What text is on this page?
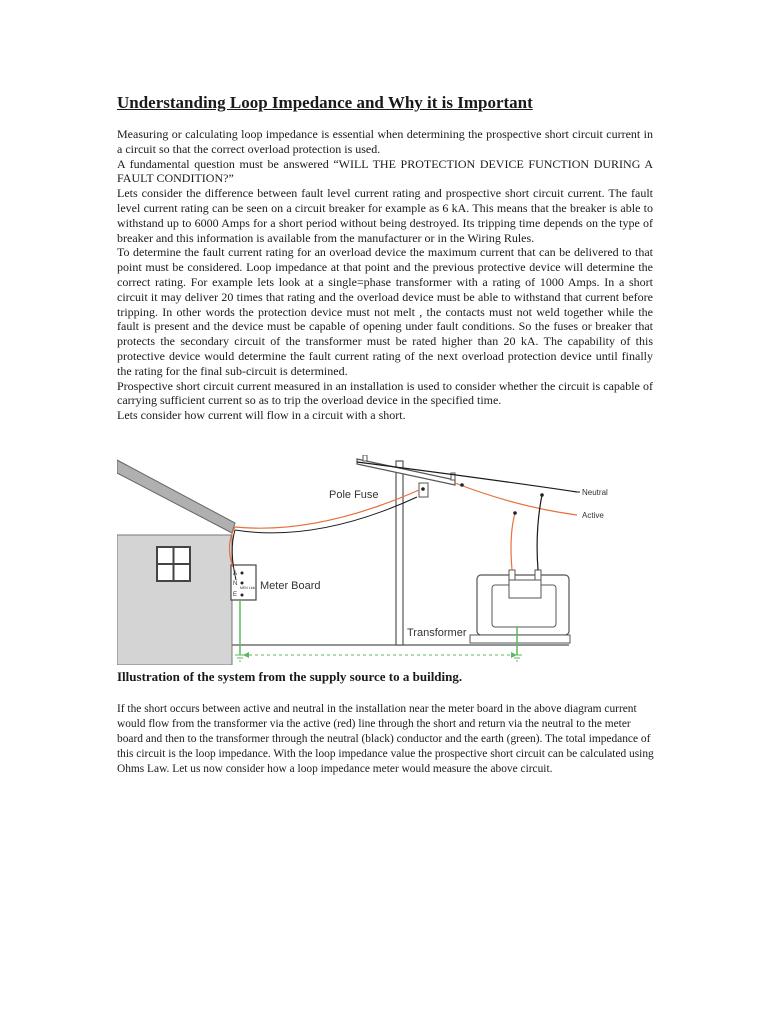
Understanding Loop Impedance and Why it is Important

Measuring or calculating loop impedance is essential when determining the prospective short circuit current in a circuit so that the correct overload protection is used.

A fundamental question must be answered “WILL THE PROTECTION DEVICE FUNCTION DURING A FAULT CONDITION?”

Lets consider the difference between fault level current rating and prospective short circuit current. The fault level current rating can be seen on a circuit breaker for example as 6 kA. This means that the breaker is able to withstand up to 6000 Amps for a short period without being destroyed. Its tripping time depends on the type of breaker and this information is available from the manufacturer or in the Wiring Rules.

To determine the fault current rating for an overload device the maximum current that can be delivered to that point must be considered. Loop impedance at that point and the previous protective device will determine the correct rating. For example lets look at a single=phase transformer with a rating of 1000 Amps. In a short circuit it may deliver 20 times that rating and the overload device must be able to withstand that current before tripping. In other words the protection device must not melt , the contacts must not weld together while the fault is present and the device must be capable of opening under fault conditions. So the fuses or breaker that protects the secondary circuit of the transformer must be rated higher than 20 kA. The capability of this protective device would determine the fault current rating of the next overload protection device until finally the rating for the final sub-circuit is determined.

Prospective short circuit current measured in an installation is used to consider whether the circuit is capable of carrying sufficient current so as to trip the overload device in the specified time.

Lets consider how current will flow in a circuit with a short.

A
N
E
MEN Link Meter Board
Pole Fuse	Neutral
Active
Transformer

Illustration of the system from the supply source to a building.

If the short occurs between active and neutral in the installation near the meter board in the above diagram current would flow from the transformer via the active (red) line through the short and return via the neutral to the meter board and then to the transformer through the neutral (black) conductor and the earth (green). The total impedance of this circuit is the loop impedance. With the loop impedance value the prospective short circuit can be calculated using Ohms Law. Let us now consider how a loop impedance meter would measure the above circuit.
